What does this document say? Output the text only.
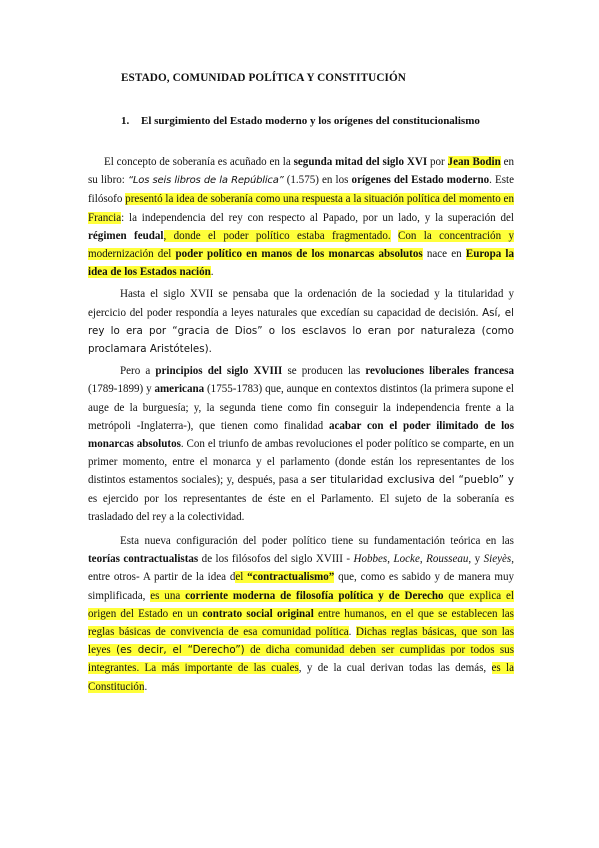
ESTADO, COMUNIDAD POLÍTICA Y CONSTITUCIÓN
1. El surgimiento del Estado moderno y los orígenes del constitucionalismo

El concepto de soberanía es acuñado en la segunda mitad del siglo XVI por Jean Bodin en su libro: “Los seis libros de la República” (1.575) en los orígenes del Estado moderno. Este filósofo presentó la idea de soberanía como una respuesta a la situación política del momento en Francia: la independencia del rey con respecto al Papado, por un lado, y la superación del régimen feudal, donde el poder político estaba fragmentado. Con la concentración y modernización del poder político en manos de los monarcas absolutos nace en Europa la idea de los Estados nación.

Hasta el siglo XVII se pensaba que la ordenación de la sociedad y la titularidad y ejercicio del poder respondía a leyes naturales que excedían su capacidad de decisión. Así, el rey lo era por “gracia de Dios” o los esclavos lo eran por naturaleza (como proclamara Aristóteles).

Pero a principios del siglo XVIII se producen las revoluciones liberales francesa (1789-1899) y americana (1755-1783) que, aunque en contextos distintos (la primera supone el auge de la burguesía; y, la segunda tiene como fin conseguir la independencia frente a la metrópoli -Inglaterra-), que tienen como finalidad acabar con el poder ilimitado de los monarcas absolutos. Con el triunfo de ambas revoluciones el poder político se comparte, en un primer momento, entre el monarca y el parlamento (donde están los representantes de los distintos estamentos sociales); y, después, pasa a ser titularidad exclusiva del “pueblo” y es ejercido por los representantes de éste en el Parlamento. El sujeto de la soberanía es trasladado del rey a la colectividad.

Esta nueva configuración del poder político tiene su fundamentación teórica en las teorías contractualistas de los filósofos del siglo XVIII - Hobbes, Locke, Rousseau, y Sieyès, entre otros- A partir de la idea del “contractualismo” que, como es sabido y de manera muy simplificada, es una corriente moderna de filosofía política y de Derecho que explica el origen del Estado en un contrato social original entre humanos, en el que se establecen las reglas básicas de convivencia de esa comunidad política. Dichas reglas básicas, que son las leyes (es decir, el “Derecho”) de dicha comunidad deben ser cumplidas por todos sus integrantes. La más importante de las cuales, y de la cual derivan todas las demás, es la Constitución.
